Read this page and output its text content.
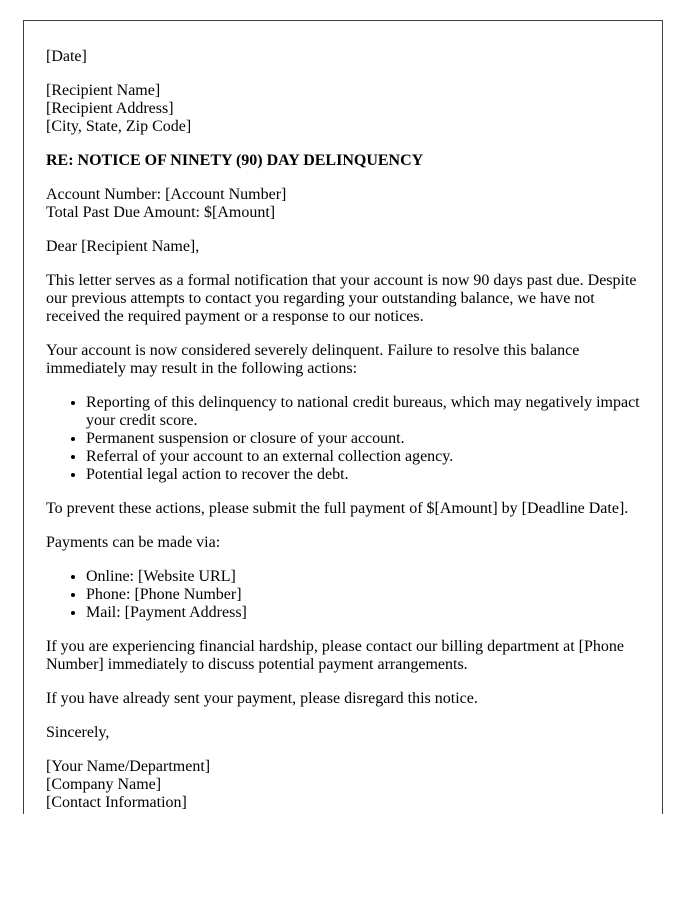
[Date]

[Recipient Name]
[Recipient Address]
[City, State, Zip Code]

RE: NOTICE OF NINETY (90) DAY DELINQUENCY

Account Number: [Account Number]
Total Past Due Amount: $[Amount]

Dear [Recipient Name],

This letter serves as a formal notification that your account is now 90 days past due. Despite our previous attempts to contact you regarding your outstanding balance, we have not received the required payment or a response to our notices.

Your account is now considered severely delinquent. Failure to resolve this balance immediately may result in the following actions:

• Reporting of this delinquency to national credit bureaus, which may negatively impact your credit score.
• Permanent suspension or closure of your account.
• Referral of your account to an external collection agency.
• Potential legal action to recover the debt.

To prevent these actions, please submit the full payment of $[Amount] by [Deadline Date].

Payments can be made via:

• Online: [Website URL]
• Phone: [Phone Number]
• Mail: [Payment Address]

If you are experiencing financial hardship, please contact our billing department at [Phone Number] immediately to discuss potential payment arrangements.

If you have already sent your payment, please disregard this notice.

Sincerely,

[Your Name/Department]
[Company Name]
[Contact Information]
